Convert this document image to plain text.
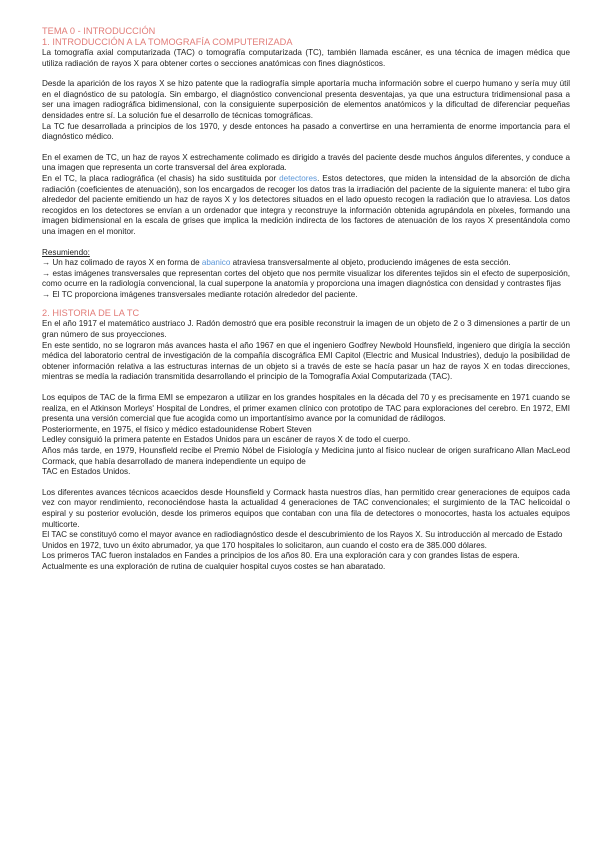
TEMA 0 - INTRODUCCIÓN
1. INTRODUCCIÓN A LA TOMOGRAFÍA COMPUTERIZADA

La tomografía axial computarizada (TAC) o tomografía computarizada (TC), también llamada escáner, es una técnica de imagen médica que utiliza radiación de rayos X para obtener cortes o secciones anatómicas con fines diagnósticos.

Desde la aparición de los rayos X se hizo patente que la radiografía simple aportaría mucha información sobre el cuerpo humano y sería muy útil en el diagnóstico de su patología. Sin embargo, el diagnóstico convencional presenta desventajas, ya que una estructura tridimensional pasa a ser una imagen radiográfica bidimensional, con la consiguiente superposición de elementos anatómicos y la dificultad de diferenciar pequeñas densidades entre sí. La solución fue el desarrollo de técnicas tomográficas.

La TC fue desarrollada a principios de los 1970, y desde entonces ha pasado a convertirse en una herramienta de enorme importancia para el diagnóstico médico.

En el examen de TC, un haz de rayos X estrechamente colimado es dirigido a través del paciente desde muchos ángulos diferentes, y conduce a una imagen que representa un corte transversal del área explorada.

En el TC, la placa radiográfica (el chasis) ha sido sustituida por detectores. Estos detectores, que miden la intensidad de la absorción de dicha radiación (coeficientes de atenuación), son los encargados de recoger los datos tras la irradiación del paciente de la siguiente manera: el tubo gira alrededor del paciente emitiendo un haz de rayos X y los detectores situados en el lado opuesto recogen la radiación que lo atraviesa. Los datos recogidos en los detectores se envían a un ordenador que integra y reconstruye la información obtenida agrupándola en píxeles, formando una imagen bidimensional en la escala de grises que implica la medición indirecta de los factores de atenuación de los rayos X presentándola como una imagen en el monitor.

Resumiendo:

→ Un haz colimado de rayos X en forma de abanico atraviesa transversalmente al objeto, produciendo imágenes de esta sección.

→ estas imágenes transversales que representan cortes del objeto que nos permite visualizar los diferentes tejidos sin el efecto de superposición, como ocurre en la radiología convencional, la cual superpone la anatomía y proporciona una imagen diagnóstica con densidad y contrastes fijas

→ El TC proporciona imágenes transversales mediante rotación alrededor del paciente.

2. HISTORIA DE LA TC

En el año 1917 el matemático austriaco J. Radón demostró que era posible reconstruir la imagen de un objeto de 2 o 3 dimensiones a partir de un gran número de sus proyecciones.

En este sentido, no se lograron más avances hasta el año 1967 en que el ingeniero Godfrey Newbold Hounsfield, ingeniero que dirigía la sección médica del laboratorio central de investigación de la compañía discográfica EMI Capitol (Electric and Musical Industries), dedujo la posibilidad de obtener información relativa a las estructuras internas de un objeto si a través de este se hacía pasar un haz de rayos X en todas direcciones, mientras se medía la radiación transmitida desarrollando el principio de la Tomografía Axial Computarizada (TAC).

Los equipos de TAC de la firma EMI se empezaron a utilizar en los grandes hospitales en la década del 70 y es precisamente en 1971 cuando se realiza, en el Atkinson Morleys' Hospital de Londres, el primer examen clínico con prototipo de TAC para exploraciones del cerebro. En 1972, EMI presenta una versión comercial que fue acogida como un importantísimo avance por la comunidad de rádilogos.

Posteriormente, en 1975, el físico y médico estadounidense Robert Steven

Ledley consiguió la primera patente en Estados Unidos para un escáner de rayos X de todo el cuerpo.

Años más tarde, en 1979, Hounsfield recibe el Premio Nóbel de Fisiología y Medicina junto al físico nuclear de origen surafricano Allan MacLeod Cormack, que había desarrollado de manera independiente un equipo de

TAC en Estados Unidos.

Los diferentes avances técnicos acaecidos desde Hounsfield y Cormack hasta nuestros días, han permitido crear generaciones de equipos cada vez con mayor rendimiento, reconociéndose hasta la actualidad 4 generaciones de TAC convencionales; el surgimiento de la TAC helicoidal o espiral y su posterior evolución, desde los primeros equipos que contaban con una fila de detectores o monocortes, hasta los actuales equipos multicorte.

El TAC se constituyó como el mayor avance en radiodiagnóstico desde el descubrimiento de los Rayos X. Su introducción al mercado de Estado

Unidos en 1972, tuvo un éxito abrumador, ya que 170 hospitales lo solicitaron, aun cuando el costo era de 385.000 dólares.

Los primeros TAC fueron instalados en Fandes a principios de los años 80. Era una exploración cara y con grandes listas de espera.

Actualmente es una exploración de rutina de cualquier hospital cuyos costes se han abaratado.
